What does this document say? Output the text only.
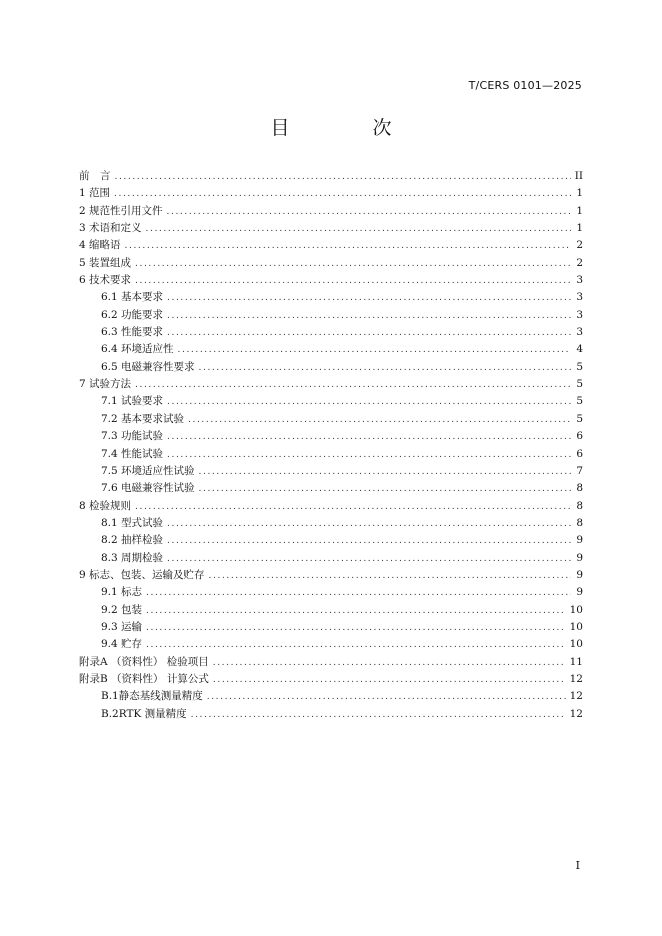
T/CERS 0101—2025
目　次
前　言 .....	II
1 范围 .....	1
2 规范性引用文件 .....	1
3 术语和定义 .....	1
4 缩略语 .....	2
5 装置组成 .....	2
6 技术要求 .....	3
6.1 基本要求 .....	3
6.2 功能要求 .....	3
6.3 性能要求 .....	3
6.4 环境适应性 .....	4
6.5 电磁兼容性要求 .....	5
7 试验方法 .....	5
7.1 试验要求 .....	5
7.2 基本要求试验 .....	5
7.3 功能试验 .....	6
7.4 性能试验 .....	6
7.5 环境适应性试验 .....	7
7.6 电磁兼容性试验 .....	8
8 检验规则 .....	8
8.1 型式试验 .....	8
8.2 抽样检验 .....	9
8.3 周期检验 .....	9
9 标志、包装、运输及贮存 .....	9
9.1 标志 .....	9
9.2 包装 .....	10
9.3 运输 .....	10
9.4 贮存 .....	10
附录A （资料性） 检验项目 .....	11
附录B （资料性） 计算公式 .....	12
B.1静态基线测量精度 .....	12
B.2RTK 测量精度 .....	12
I
